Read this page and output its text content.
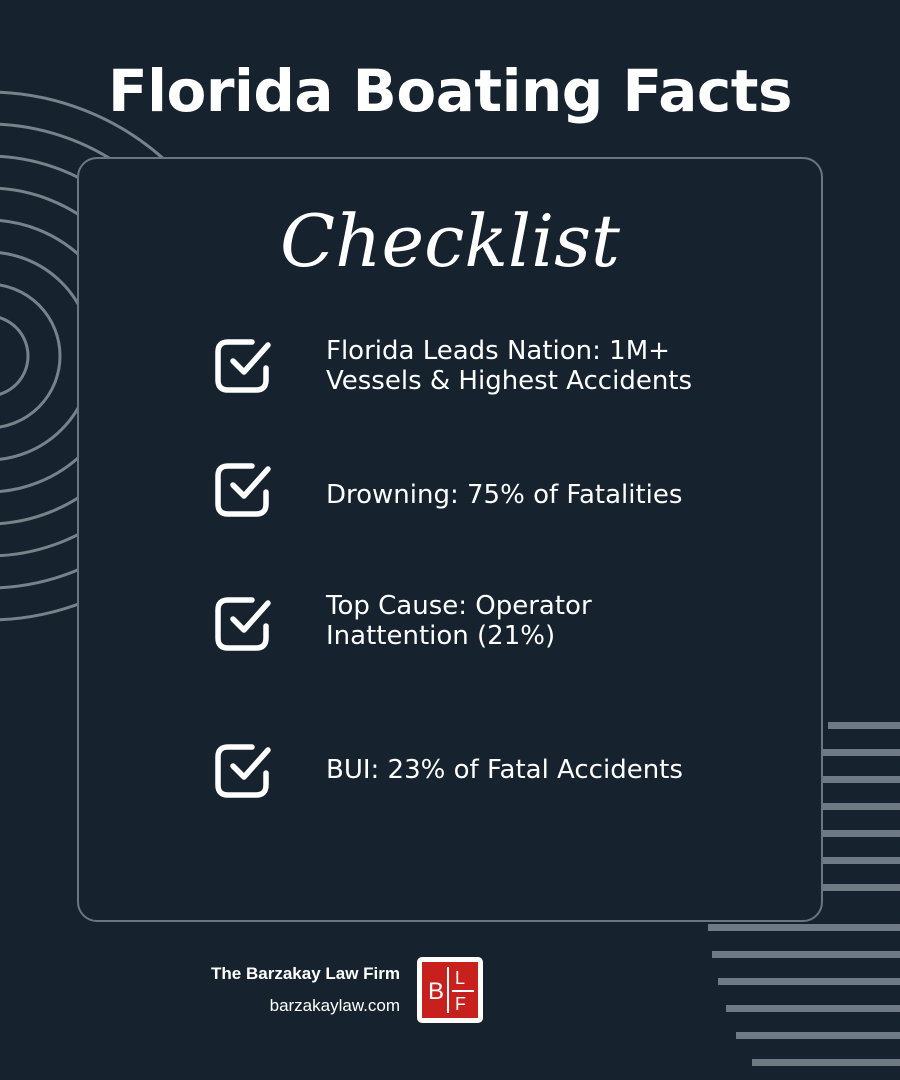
Florida Boating Facts
Checklist
Florida Leads Nation: 1M+
Vessels & Highest Accidents
Drowning: 75% of Fatalities
Top Cause: Operator
Inattention (21%)
BUI: 23% of Fatal Accidents
The Barzakay Law Firm
barzakaylaw.com
B L
F
